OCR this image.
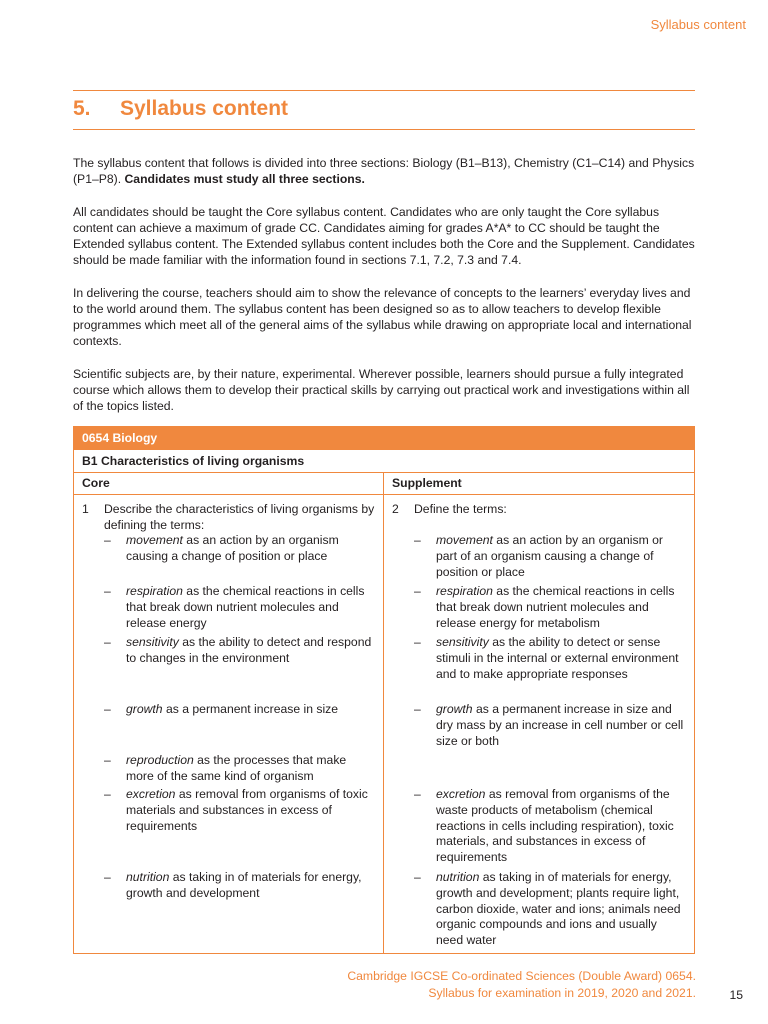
Syllabus content
5. Syllabus content

The syllabus content that follows is divided into three sections: Biology (B1–B13), Chemistry (C1–C14) and Physics (P1–P8). Candidates must study all three sections.

All candidates should be taught the Core syllabus content. Candidates who are only taught the Core syllabus content can achieve a maximum of grade CC. Candidates aiming for grades A*A* to CC should be taught the Extended syllabus content. The Extended syllabus content includes both the Core and the Supplement. Candidates should be made familiar with the information found in sections 7.1, 7.2, 7.3 and 7.4.

In delivering the course, teachers should aim to show the relevance of concepts to the learners’ everyday lives and to the world around them. The syllabus content has been designed so as to allow teachers to develop flexible programmes which meet all of the general aims of the syllabus while drawing on appropriate local and international contexts.

Scientific subjects are, by their nature, experimental. Wherever possible, learners should pursue a fully integrated course which allows them to develop their practical skills by carrying out practical work and investigations within all of the topics listed.

0654 Biology
B1 Characteristics of living organisms
Core
1 Describe the characteristics of living organisms by defining the terms:
– movement as an action by an organism causing a change of position or place
– respiration as the chemical reactions in cells that break down nutrient molecules and release energy
– sensitivity as the ability to detect and respond to changes in the environment
– growth as a permanent increase in size
– reproduction as the processes that make more of the same kind of organism
– excretion as removal from organisms of toxic materials and substances in excess of requirements
– nutrition as taking in of materials for energy, growth and development
Supplement
2 Define the terms:
– movement as an action by an organism or part of an organism causing a change of position or place
– respiration as the chemical reactions in cells that break down nutrient molecules and release energy for metabolism
– sensitivity as the ability to detect or sense stimuli in the internal or external environment and to make appropriate responses
– growth as a permanent increase in size and dry mass by an increase in cell number or cell size or both
– excretion as removal from organisms of the waste products of metabolism (chemical reactions in cells including respiration), toxic materials, and substances in excess of requirements
– nutrition as taking in of materials for energy, growth and development; plants require light, carbon dioxide, water and ions; animals need organic compounds and ions and usually need water
Cambridge IGCSE Co-ordinated Sciences (Double Award) 0654.
Syllabus for examination in 2019, 2020 and 2021.	15
